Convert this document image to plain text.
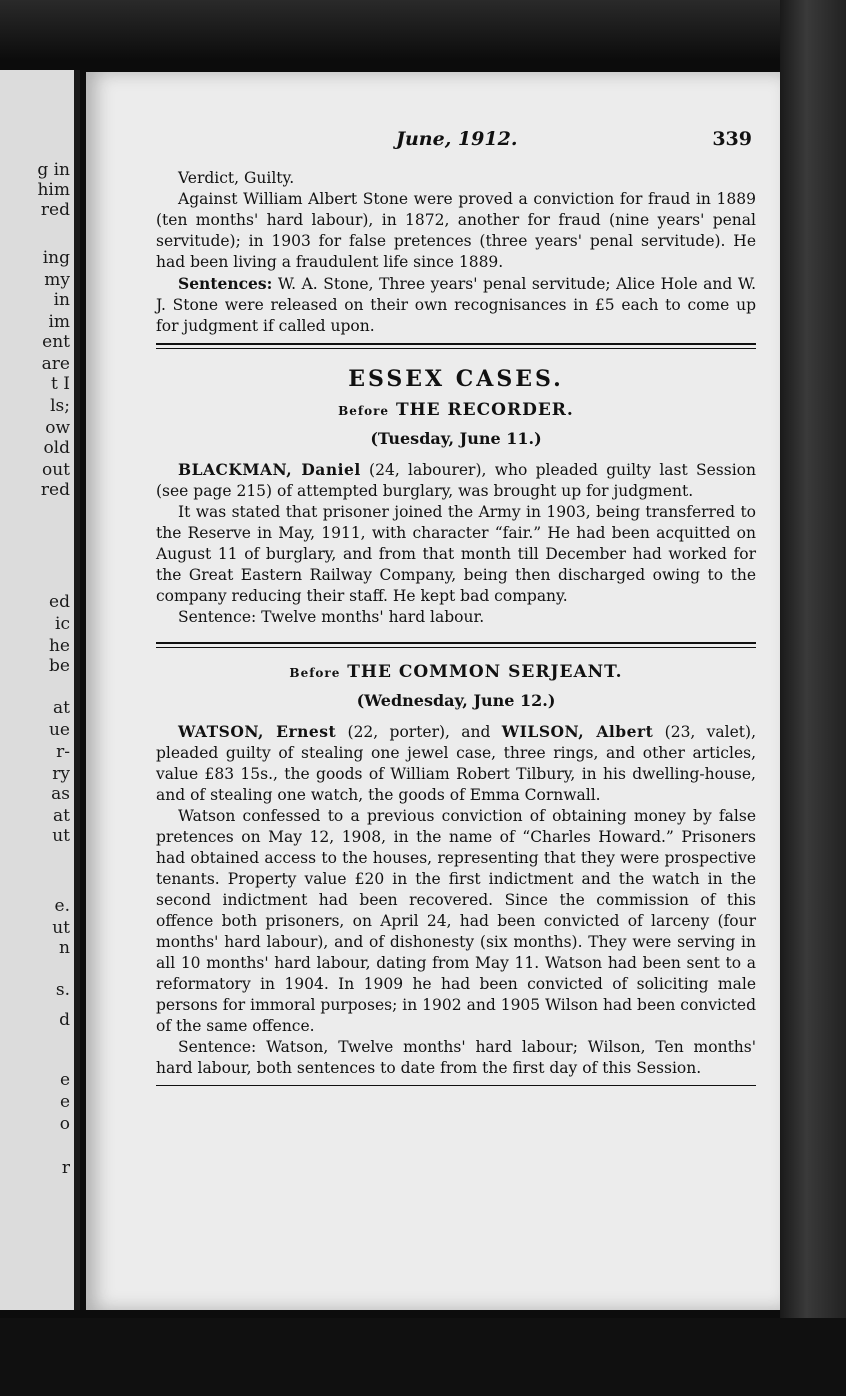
g in
him
red
ing
my
in
im
ent
are
t I
ls;
ow
old
out
red
ed
ic
he
be
at
ue
r-
ry
as
at
ut
e.
ut
n
s.
d
e
e
o
r
June, 1912.	339

Verdict, Guilty.

Against William Albert Stone were proved a conviction for fraud in 1889 (ten months' hard labour), in 1872, another for fraud (nine years' penal servitude); in 1903 for false pretences (three years' penal servitude). He had been living a fraudulent life since 1889.

Sentences: W. A. Stone, Three years' penal servitude; Alice Hole and W. J. Stone were released on their own recognisances in £5 each to come up for judgment if called upon.

ESSEX CASES.
Before THE RECORDER.
(Tuesday, June 11.)

BLACKMAN, Daniel (24, labourer), who pleaded guilty last Session (see page 215) of attempted burglary, was brought up for judgment.

It was stated that prisoner joined the Army in 1903, being transferred to the Reserve in May, 1911, with character “fair.” He had been acquitted on August 11 of burglary, and from that month till December had worked for the Great Eastern Railway Company, being then discharged owing to the company reducing their staff. He kept bad company.

Sentence: Twelve months' hard labour.

Before THE COMMON SERJEANT.
(Wednesday, June 12.)

WATSON, Ernest (22, porter), and WILSON, Albert (23, valet), pleaded guilty of stealing one jewel case, three rings, and other articles, value £83 15s., the goods of William Robert Tilbury, in his dwelling-house, and of stealing one watch, the goods of Emma Cornwall.

Watson confessed to a previous conviction of obtaining money by false pretences on May 12, 1908, in the name of “Charles Howard.” Prisoners had obtained access to the houses, representing that they were prospective tenants. Property value £20 in the first indictment and the watch in the second indictment had been recovered. Since the commission of this offence both prisoners, on April 24, had been convicted of larceny (four months' hard labour), and of dishonesty (six months). They were serving in all 10 months' hard labour, dating from May 11. Watson had been sent to a reformatory in 1904. In 1909 he had been convicted of soliciting male persons for immoral purposes; in 1902 and 1905 Wilson had been convicted of the same offence.

Sentence: Watson, Twelve months' hard labour; Wilson, Ten months' hard labour, both sentences to date from the first day of this Session.
